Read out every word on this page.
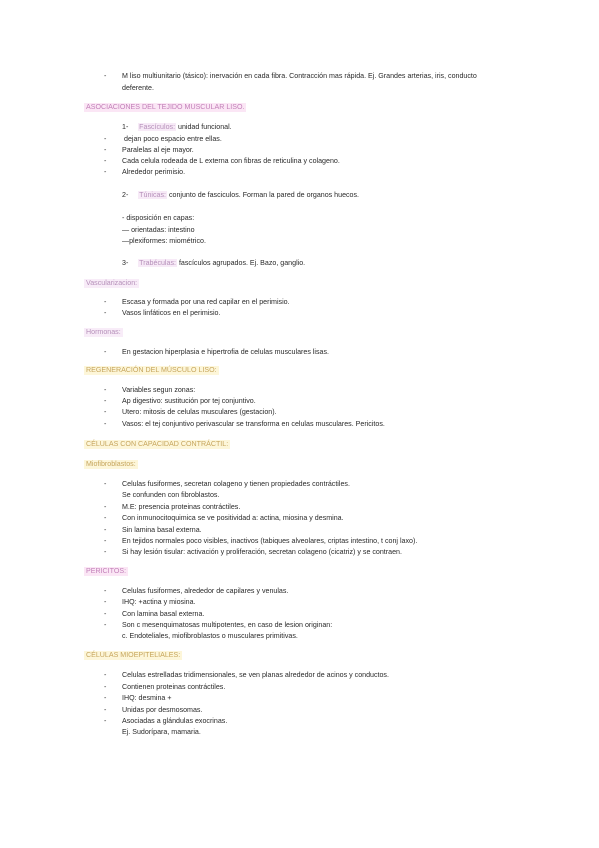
- M liso multiunitario (tásico): inervación en cada fibra. Contracción mas rápida. Ej. Grandes arterias, iris, conducto
deferente.
ASOCIACIONES DEL TEJIDO MUSCULAR LISO.
1- Fascículos: unidad funcional.
- dejan poco espacio entre ellas.
- Paralelas al eje mayor.
- Cada celula rodeada de L externa con fibras de reticulina y colageno.
- Alrededor perimisio.
2- Túnicas: conjunto de fasciculos. Forman la pared de organos huecos.
- disposición en capas:
— orientadas: intestino
—plexiformes: miométrico.
3- Trabéculas: fascículos agrupados. Ej. Bazo, ganglio.
Vascularizacion:
- Escasa y formada por una red capilar en el perimisio.
- Vasos linfáticos en el perimisio.
Hormonas:
- En gestacion hiperplasia e hipertrofia de celulas musculares lisas.
REGENERACIÓN DEL MÚSCULO LISO:
- Variables segun zonas:
- Ap digestivo: sustitución por tej conjuntivo.
- Utero: mitosis de celulas musculares (gestacion).
- Vasos: el tej conjuntivo perivascular se transforma en celulas musculares. Pericitos.
CÉLULAS CON CAPACIDAD CONTRÁCTIL:
Miofibroblastos:
- Celulas fusiformes, secretan colageno y tienen propiedades contráctiles.
Se confunden con fibroblastos.
- M.E: presencia proteinas contráctiles.
- Con inmunocitoquimica se ve positividad a: actina, miosina y desmina.
- Sin lamina basal externa.
- En tejidos normales poco visibles, inactivos (tabiques alveolares, criptas intestino, t conj laxo).
- Si hay lesión tisular: activación y proliferación, secretan colageno (cicatriz) y se contraen.
PERICITOS:
- Celulas fusiformes, alrededor de capilares y venulas.
- IHQ: +actina y miosina.
- Con lamina basal externa.
- Son c mesenquimatosas multipotentes, en caso de lesion originan:
c. Endoteliales, miofibroblastos o musculares primitivas.
CÉLULAS MIOEPITELIALES:
- Celulas estrelladas tridimensionales, se ven planas alrededor de acinos y conductos.
- Contienen proteinas contráctiles.
- IHQ: desmina +
- Unidas por desmosomas.
- Asociadas a glándulas exocrinas.
Ej. Sudorípara, mamaria.
